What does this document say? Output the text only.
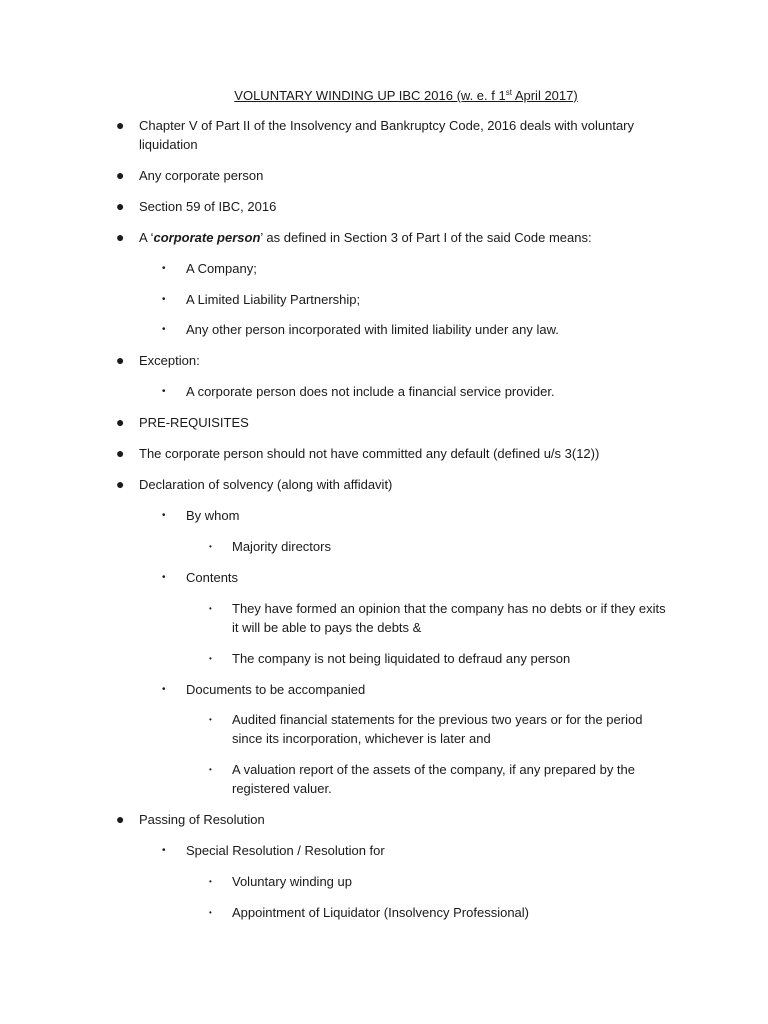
VOLUNTARY WINDING UP IBC 2016 (w. e. f 1st April 2017)
● Chapter V of Part II of the Insolvency and Bankruptcy Code, 2016 deals with voluntary
liquidation
● Any corporate person
● Section 59 of IBC, 2016
● A ‘corporate person’ as defined in Section 3 of Part I of the said Code means:
• A Company;
• A Limited Liability Partnership;
• Any other person incorporated with limited liability under any law.
● Exception:
• A corporate person does not include a financial service provider.
● PRE-REQUISITES
● The corporate person should not have committed any default (defined u/s 3(12))
● Declaration of solvency (along with affidavit)
• By whom
• Majority directors
• Contents
• They have formed an opinion that the company has no debts or if they exits
it will be able to pays the debts &
• The company is not being liquidated to defraud any person
• Documents to be accompanied
• Audited financial statements for the previous two years or for the period
since its incorporation, whichever is later and
• A valuation report of the assets of the company, if any prepared by the
registered valuer.
● Passing of Resolution
• Special Resolution / Resolution for
• Voluntary winding up
• Appointment of Liquidator (Insolvency Professional)
